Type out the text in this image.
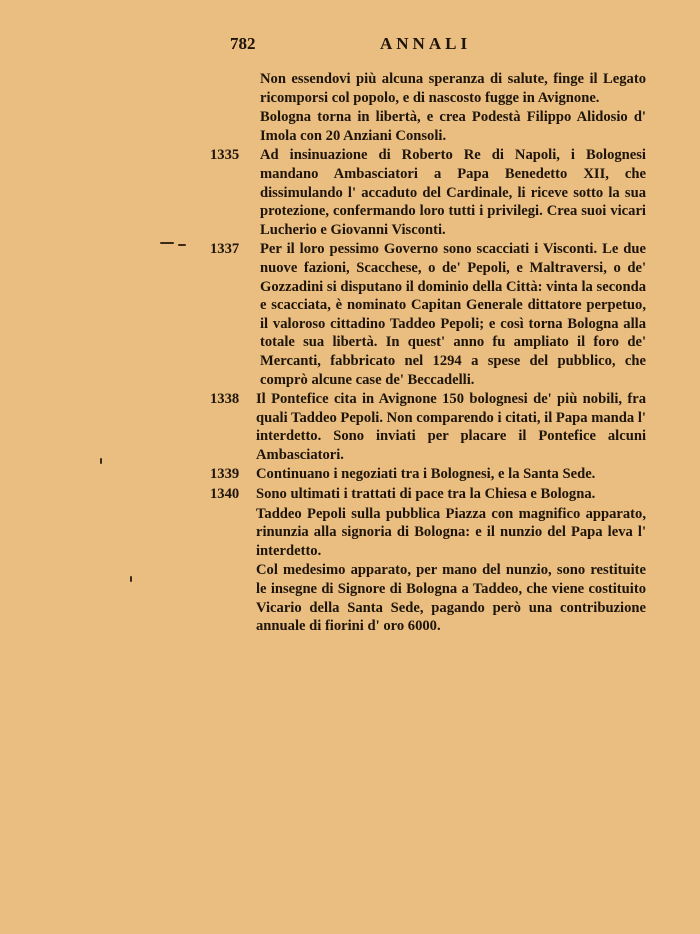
782	ANNALI
Non essendovi più alcuna speranza di salute, finge il Legato ricomporsi col popolo, e di nascosto fugge in Avignone.
Bologna torna in libertà, e crea Podestà Filippo Alidosio d' Imola con 20 Anziani Consoli.
1335	Ad insinuazione di Roberto Re di Napoli, i Bolognesi mandano Ambasciatori a Papa Benedetto XII, che dissimulando l' accaduto del Cardinale, li riceve sotto la sua protezione, confermando loro tutti i privilegi. Crea suoi vicari Lucherio e Giovanni Visconti.
1337	Per il loro pessimo Governo sono scacciati i Visconti. Le due nuove fazioni, Scacchese, o de' Pepoli, e Maltraversi, o de' Gozzadini si disputano il dominio della Città: vinta la seconda e scacciata, è nominato Capitan Generale dittatore perpetuo, il valoroso cittadino Taddeo Pepoli; e così torna Bologna alla totale sua libertà. In quest' anno fu ampliato il foro de' Mercanti, fabbricato nel 1294 a spese del pubblico, che comprò alcune case de' Beccadelli.
1338	Il Pontefice cita in Avignone 150 bolognesi de' più nobili, fra quali Taddeo Pepoli. Non comparendo i citati, il Papa manda l' interdetto. Sono inviati per placare il Pontefice alcuni Ambasciatori.
1339	Continuano i negoziati tra i Bolognesi, e la Santa Sede.
1340	Sono ultimati i trattati di pace tra la Chiesa e Bologna.
Taddeo Pepoli sulla pubblica Piazza con magnifico apparato, rinunzia alla signoria di Bologna: e il nunzio del Papa leva l' interdetto.
Col medesimo apparato, per mano del nunzio, sono restituite le insegne di Signore di Bologna a Taddeo, che viene costituito Vicario della Santa Sede, pagando però una contribuzione annuale di fiorini d' oro 6000.
